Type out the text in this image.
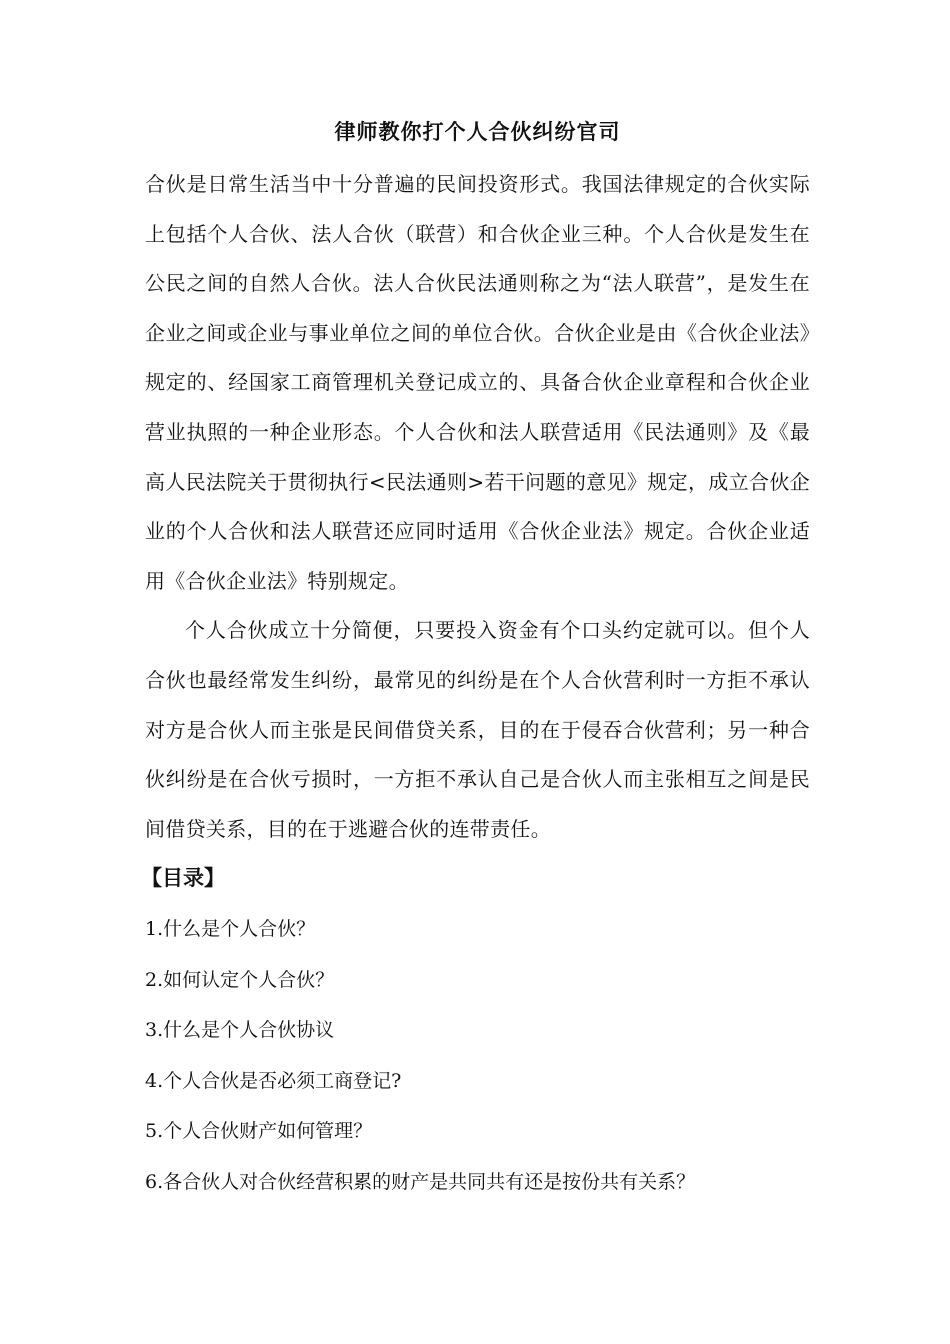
律师教你打个人合伙纠纷官司

合伙是日常生活当中十分普遍的民间投资形式。我国法律规定的合伙实际上包括个人合伙、法人合伙（联营）和合伙企业三种。个人合伙是发生在公民之间的自然人合伙。法人合伙民法通则称之为“法人联营”，是发生在企业之间或企业与事业单位之间的单位合伙。合伙企业是由《合伙企业法》规定的、经国家工商管理机关登记成立的、具备合伙企业章程和合伙企业营业执照的一种企业形态。个人合伙和法人联营适用《民法通则》及《最高人民法院关于贯彻执行<民法通则>若干问题的意见》规定，成立合伙企业的个人合伙和法人联营还应同时适用《合伙企业法》规定。合伙企业适用《合伙企业法》特别规定。

个人合伙成立十分简便，只要投入资金有个口头约定就可以。但个人合伙也最经常发生纠纷，最常见的纠纷是在个人合伙营利时一方拒不承认对方是合伙人而主张是民间借贷关系，目的在于侵吞合伙营利；另一种合伙纠纷是在合伙亏损时，一方拒不承认自己是合伙人而主张相互之间是民间借贷关系，目的在于逃避合伙的连带责任。

【目录】
1.什么是个人合伙？
2.如何认定个人合伙？
3.什么是个人合伙协议
4.个人合伙是否必须工商登记?
5.个人合伙财产如何管理？
6.各合伙人对合伙经营积累的财产是共同共有还是按份共有关系？
